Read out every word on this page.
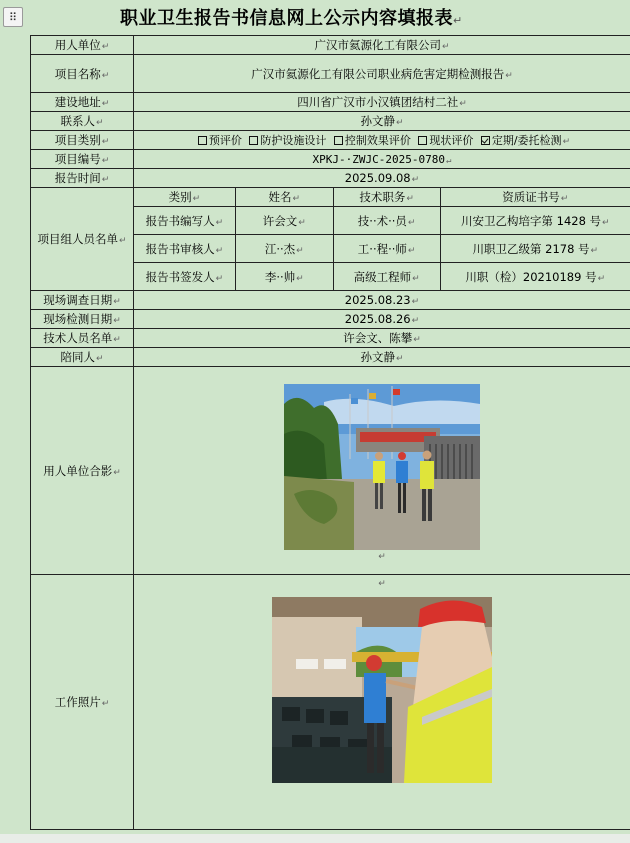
⠿	职业卫生报告书信息网上公示内容填报表↵
用人单位 ↵	广汉市氦源化工有限公司 ↵
项目名称 ↵	广汉市氦源化工有限公司职业病危害定期检测报告 ↵
建设地址 ↵	四川省广汉市小汉镇团结村二社 ↵
联系人 ↵	孙文静 ↵
项目类别 ↵	预评价 防护设施设计 控制效果评价 现状评价 定期/委托检测 ↵
项目编号 ↵	XPKJ-·ZWJC-2025-0780 ↵
报告时间 ↵	2025.09.08 ↵
项目组人员名单 ↵	类别 ↵	姓名 ↵	技术职务 ↵	资质证书号 ↵
	报告书编写人 ↵	许会文 ↵	技··术··员 ↵	川安卫乙构培字第 1428 号 ↵
	报告书审核人 ↵	江··杰 ↵	工··程··师 ↵	川职卫乙级第 2178 号 ↵
	报告书签发人 ↵	李··帅 ↵	高级工程师 ↵	川职（检）20210189 号 ↵
现场调查日期 ↵	2025.08.23 ↵
现场检测日期 ↵	2025.08.26 ↵
技术人员名单 ↵	许会文、陈攀 ↵
陪同人 ↵	孙文静 ↵
用人单位合影 ↵	↵			

工作照片 ↵	↵			
